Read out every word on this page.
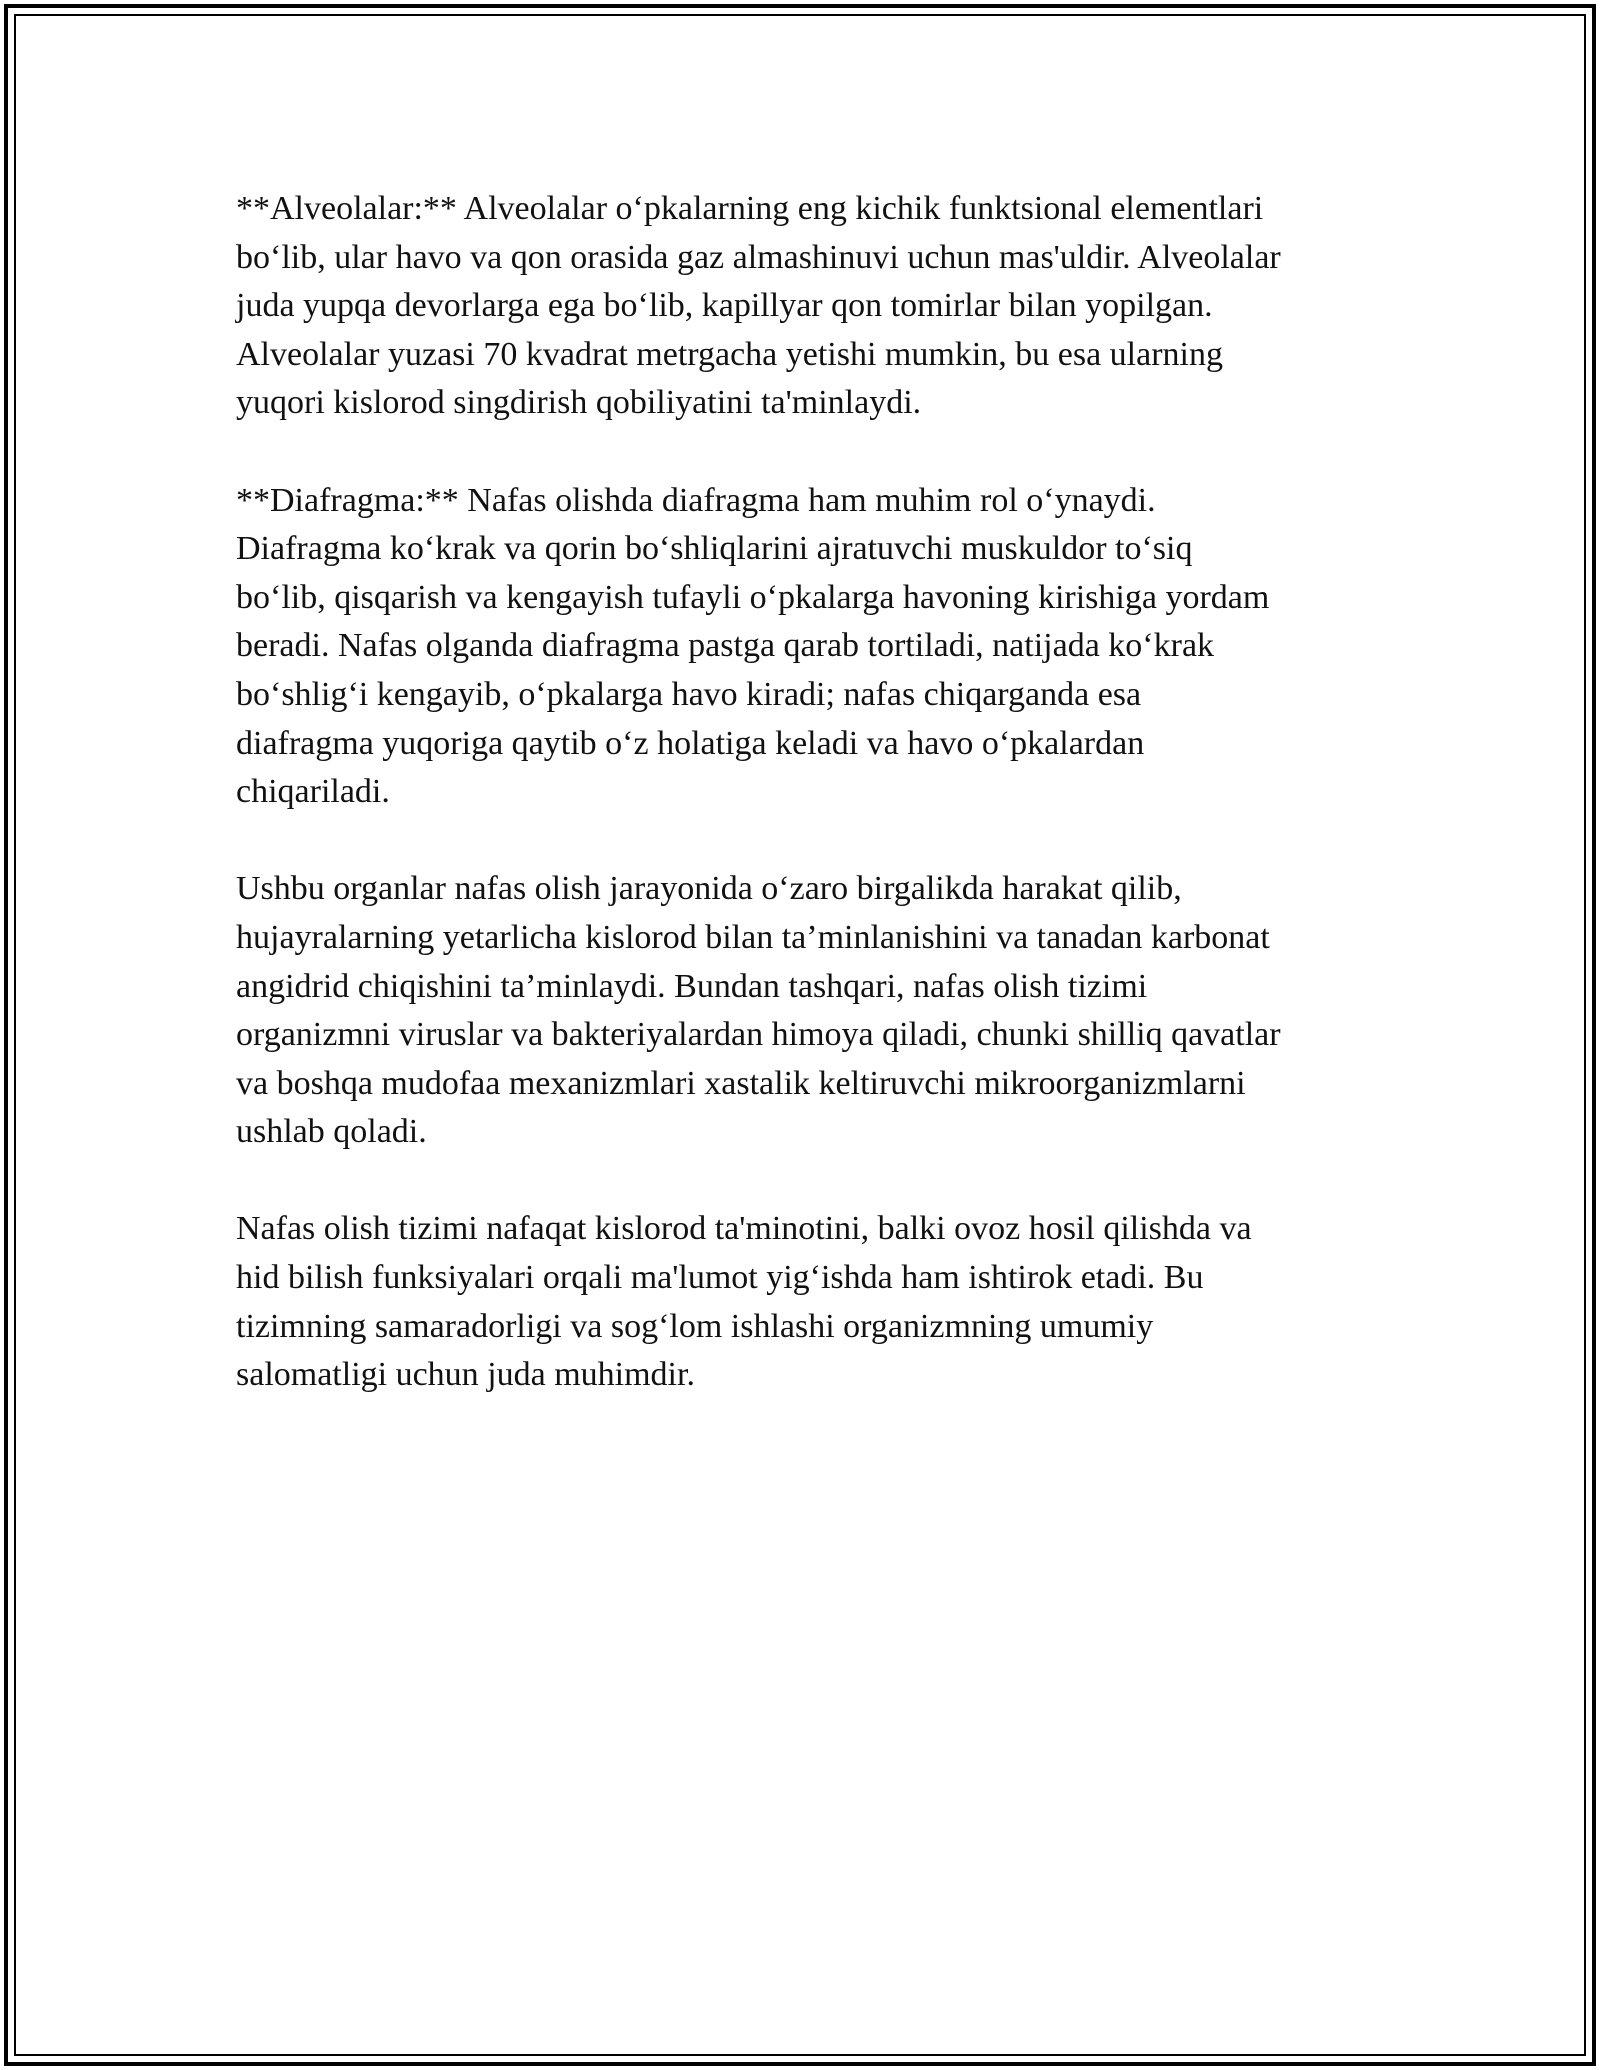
**Alveolalar:** Alveolalar o‘pkalarning eng kichik funktsional elementlari
bo‘lib, ular havo va qon orasida gaz almashinuvi uchun mas'uldir. Alveolalar
juda yupqa devorlarga ega bo‘lib, kapillyar qon tomirlar bilan yopilgan.
Alveolalar yuzasi 70 kvadrat metrgacha yetishi mumkin, bu esa ularning
yuqori kislorod singdirish qobiliyatini ta'minlaydi.

**Diafragma:** Nafas olishda diafragma ham muhim rol o‘ynaydi.
Diafragma ko‘krak va qorin bo‘shliqlarini ajratuvchi muskuldor to‘siq
bo‘lib, qisqarish va kengayish tufayli o‘pkalarga havoning kirishiga yordam
beradi. Nafas olganda diafragma pastga qarab tortiladi, natijada ko‘krak
bo‘shlig‘i kengayib, o‘pkalarga havo kiradi; nafas chiqarganda esa
diafragma yuqoriga qaytib o‘z holatiga keladi va havo o‘pkalardan
chiqariladi.

Ushbu organlar nafas olish jarayonida o‘zaro birgalikda harakat qilib,
hujayralarning yetarlicha kislorod bilan ta’minlanishini va tanadan karbonat
angidrid chiqishini ta’minlaydi. Bundan tashqari, nafas olish tizimi
organizmni viruslar va bakteriyalardan himoya qiladi, chunki shilliq qavatlar
va boshqa mudofaa mexanizmlari xastalik keltiruvchi mikroorganizmlarni
ushlab qoladi.

Nafas olish tizimi nafaqat kislorod ta'minotini, balki ovoz hosil qilishda va
hid bilish funksiyalari orqali ma'lumot yig‘ishda ham ishtirok etadi. Bu
tizimning samaradorligi va sog‘lom ishlashi organizmning umumiy
salomatligi uchun juda muhimdir.
